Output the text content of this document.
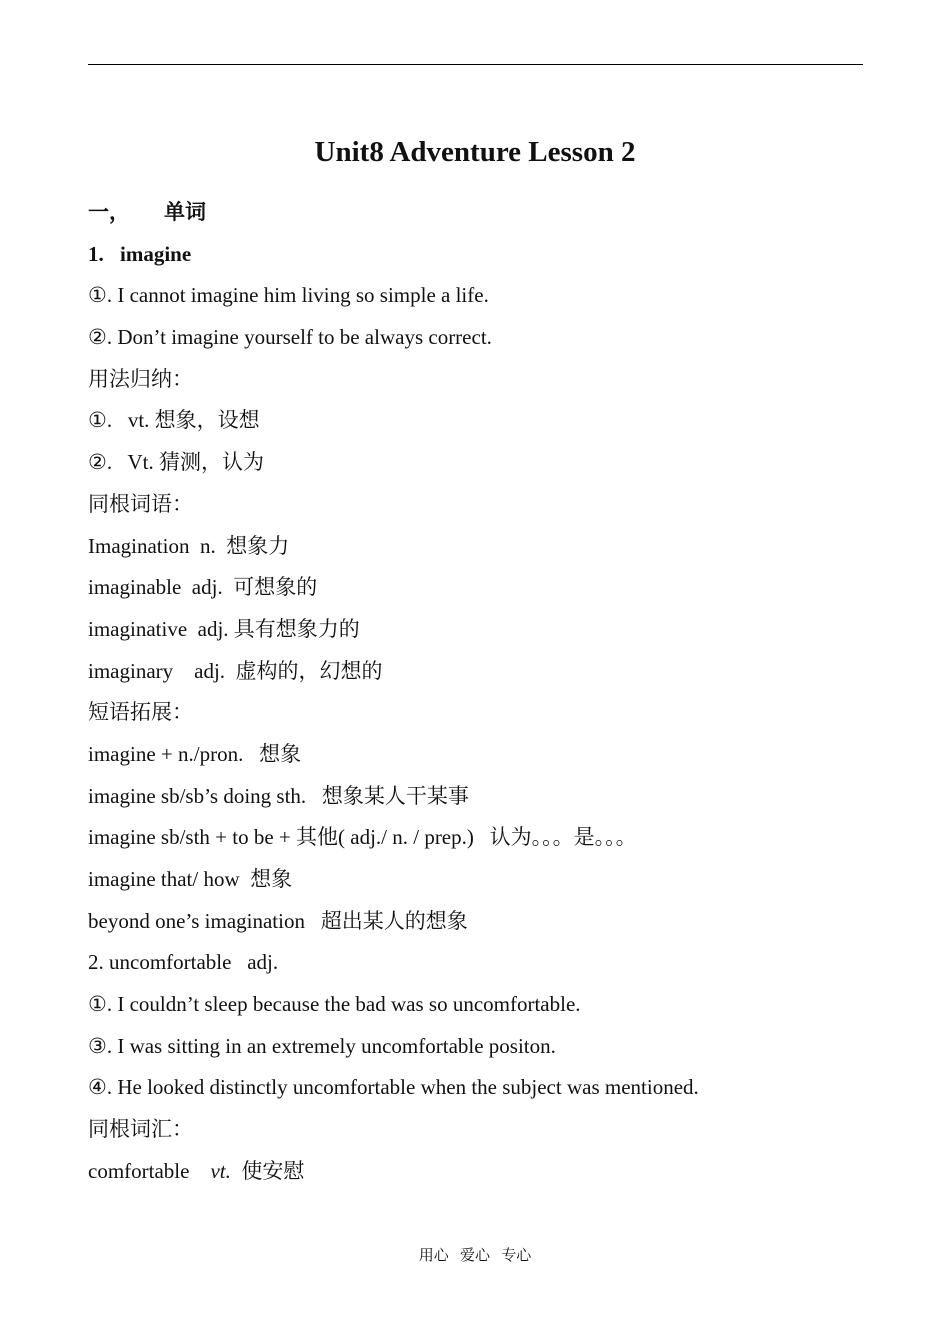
Unit8 Adventure Lesson 2
一， 单词
1. imagine
①. I cannot imagine him living so simple a life.
②. Don’t imagine yourself to be always correct.
用法归纳：
①.   vt. 想象，设想
②.   Vt. 猜测，认为
同根词语：
Imagination  n.  想象力
imaginable  adj.  可想象的
imaginative  adj. 具有想象力的
imaginary    adj.  虚构的，幻想的
短语拓展：
imagine + n./pron.   想象
imagine sb/sb’s doing sth.   想象某人干某事
imagine sb/sth + to be + 其他( adj./ n. / prep.)   认为。。。是。。。
imagine that/ how  想象
beyond one’s imagination   超出某人的想象
2. uncomfortable   adj.
①. I couldn’t sleep because the bad was so uncomfortable.
③. I was sitting in an extremely uncomfortable positon.
④. He looked distinctly uncomfortable when the subject was mentioned.
同根词汇：
comfortable vt. 使安慰
用心   爱心   专心
